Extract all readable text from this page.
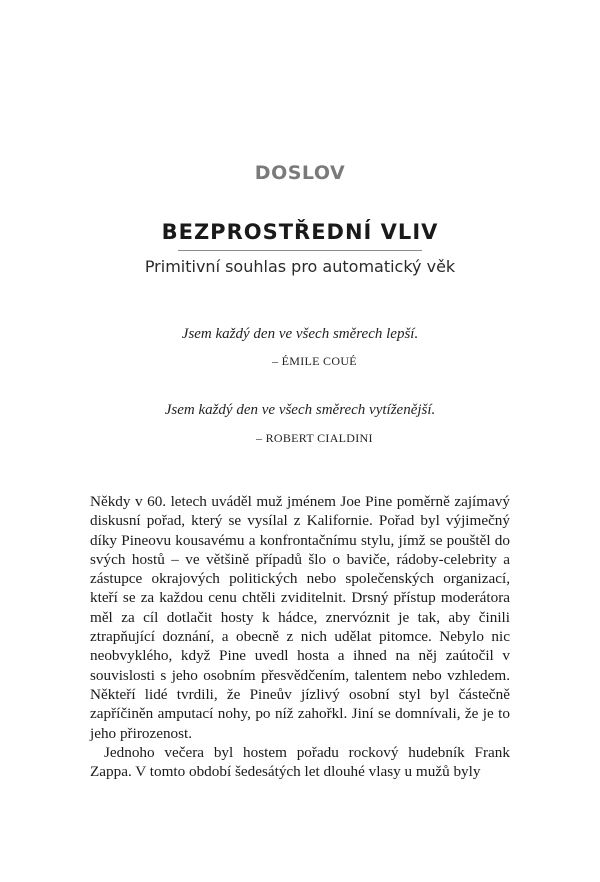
DOSLOV
BEZPROSTŘEDNÍ VLIV
Primitivní souhlas pro automatický věk
Jsem každý den ve všech směrech lepší.
– ÉMILE COUÉ
Jsem každý den ve všech směrech vytíženější.
– ROBERT CIALDINI

Někdy v 60. letech uváděl muž jménem Joe Pine poměrně zajímavý diskusní pořad, který se vysílal z Kalifornie. Pořad byl výjimečný díky Pineovu kousavému a konfrontačnímu stylu, jímž se pouštěl do svých hostů – ve většině případů šlo o baviče, rádoby-celebrity a zástupce okrajových politických nebo společenských organizací, kteří se za každou cenu chtěli zviditelnit. Drsný přístup moderátora měl za cíl dotlačit hosty k hádce, znervóznit je tak, aby činili ztrapňující doznání, a obecně z nich udělat pitomce. Nebylo nic neobvyklého, když Pine uvedl hosta a ihned na něj zaútočil v souvislosti s jeho osobním přesvědčením, talentem nebo vzhledem. Někteří lidé tvrdili, že Pineův jízlivý osobní styl byl částečně zapříčiněn amputací nohy, po níž zahořkl. Jiní se domnívali, že je to jeho přirozenost.

Jednoho večera byl hostem pořadu rockový hudebník Frank Zappa. V tomto období šedesátých let dlouhé vlasy u mužů byly
